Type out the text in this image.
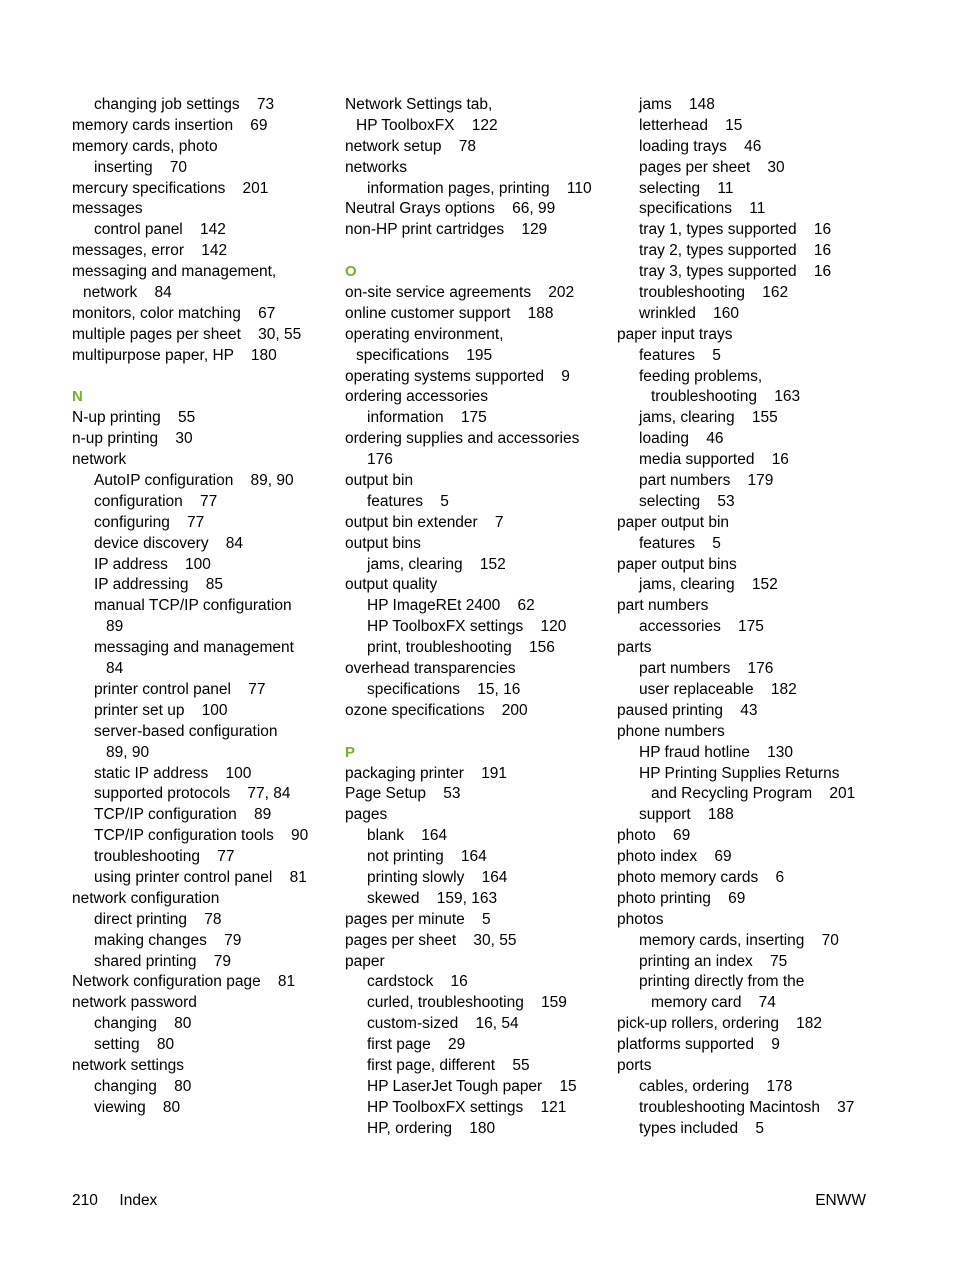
changing job settings    73
memory cards insertion    69
memory cards, photo
inserting    70
mercury specifications    201
messages
control panel    142
messages, error    142
messaging and management,
network    84
monitors, color matching    67
multiple pages per sheet    30, 55
multipurpose paper, HP    180
N
N-up printing    55
n-up printing    30
network
AutoIP configuration    89, 90
configuration    77
configuring    77
device discovery    84
IP address    100
IP addressing    85
manual TCP/IP configuration
89
messaging and management
84
printer control panel    77
printer set up    100
server-based configuration
89, 90
static IP address    100
supported protocols    77, 84
TCP/IP configuration    89
TCP/IP configuration tools    90
troubleshooting    77
using printer control panel    81
network configuration
direct printing    78
making changes    79
shared printing    79
Network configuration page    81
network password
changing    80
setting    80
network settings
changing    80
viewing    80
Network Settings tab,
HP ToolboxFX    122
network setup    78
networks
information pages, printing    110
Neutral Grays options    66, 99
non-HP print cartridges    129
O
on-site service agreements    202
online customer support    188
operating environment,
specifications    195
operating systems supported    9
ordering accessories
information    175
ordering supplies and accessories
176
output bin
features    5
output bin extender    7
output bins
jams, clearing    152
output quality
HP ImageREt 2400    62
HP ToolboxFX settings    120
print, troubleshooting    156
overhead transparencies
specifications    15, 16
ozone specifications    200
P
packaging printer    191
Page Setup    53
pages
blank    164
not printing    164
printing slowly    164
skewed    159, 163
pages per minute    5
pages per sheet    30, 55
paper
cardstock    16
curled, troubleshooting    159
custom-sized    16, 54
first page    29
first page, different    55
HP LaserJet Tough paper    15
HP ToolboxFX settings    121
HP, ordering    180
jams    148
letterhead    15
loading trays    46
pages per sheet    30
selecting    11
specifications    11
tray 1, types supported    16
tray 2, types supported    16
tray 3, types supported    16
troubleshooting    162
wrinkled    160
paper input trays
features    5
feeding problems,
troubleshooting    163
jams, clearing    155
loading    46
media supported    16
part numbers    179
selecting    53
paper output bin
features    5
paper output bins
jams, clearing    152
part numbers
accessories    175
parts
part numbers    176
user replaceable    182
paused printing    43
phone numbers
HP fraud hotline    130
HP Printing Supplies Returns
and Recycling Program    201
support    188
photo    69
photo index    69
photo memory cards    6
photo printing    69
photos
memory cards, inserting    70
printing an index    75
printing directly from the
memory card    74
pick-up rollers, ordering    182
platforms supported    9
ports
cables, ordering    178
troubleshooting Macintosh    37
types included    5
210     Index	ENWW
